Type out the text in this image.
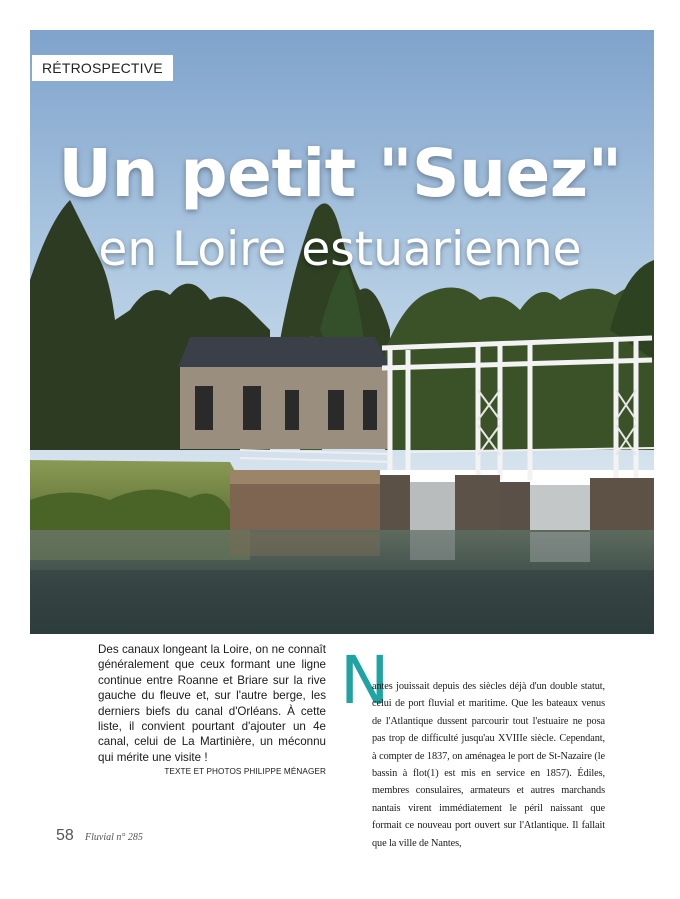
RÉTROSPECTIVE
Un petit "Suez"
en Loire estuarienne
Des canaux longeant la Loire, on ne connaît généralement que ceux formant une ligne continue entre Roanne et Briare sur la rive gauche du fleuve et, sur l'autre berge, les derniers biefs du canal d'Orléans. À cette liste, il convient pourtant d'ajouter un 4e canal, celui de La Martinière, un méconnu qui mérite une visite !
TEXTE ET PHOTOS PHILIPPE MÉNAGER
N

antes jouissait depuis des siècles déjà d'un double statut, celui de port fluvial et maritime. Que les bateaux venus de l'Atlantique dussent parcourir tout l'estuaire ne posa pas trop de difficulté jusqu'au XVIIIe siècle. Cependant, à compter de 1837, on aménagea le port de St-Nazaire (le bassin à flot(1) est mis en service en 1857). Édiles, membres consulaires, armateurs et autres marchands nantais virent immédiatement le péril naissant que formait ce nouveau port ouvert sur l'Atlantique. Il fallait que la ville de Nantes,

58 Fluvial n° 285
